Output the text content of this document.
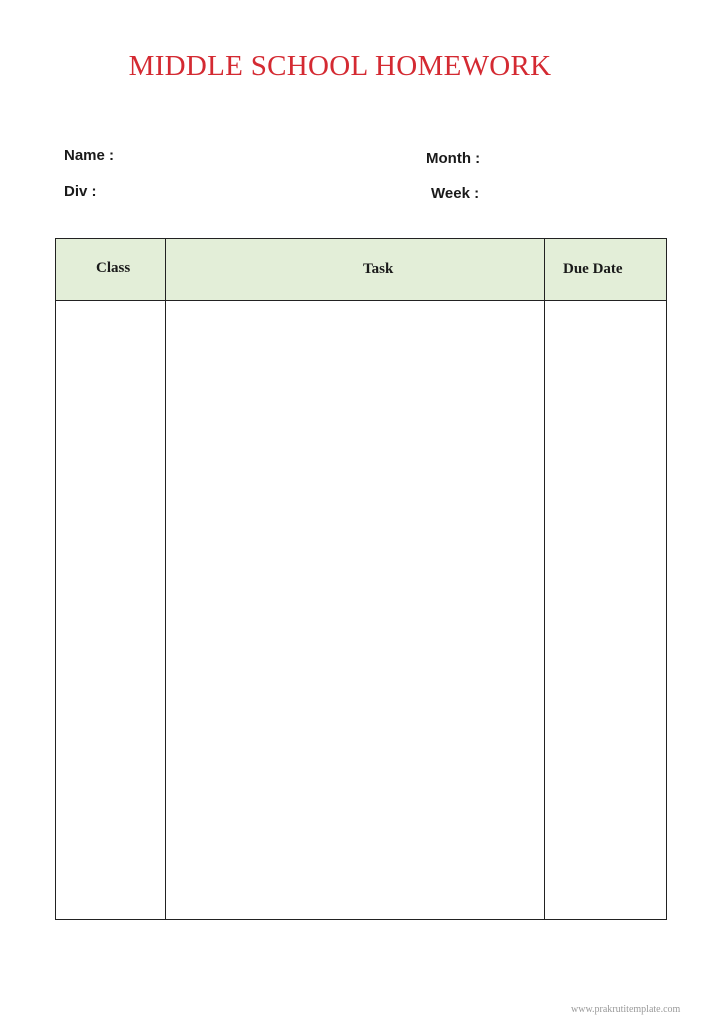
MIDDLE SCHOOL HOMEWORK
Name :
Div :
Month :
Week :
Class	Task	Due Date
www.prakrutitemplate.com
